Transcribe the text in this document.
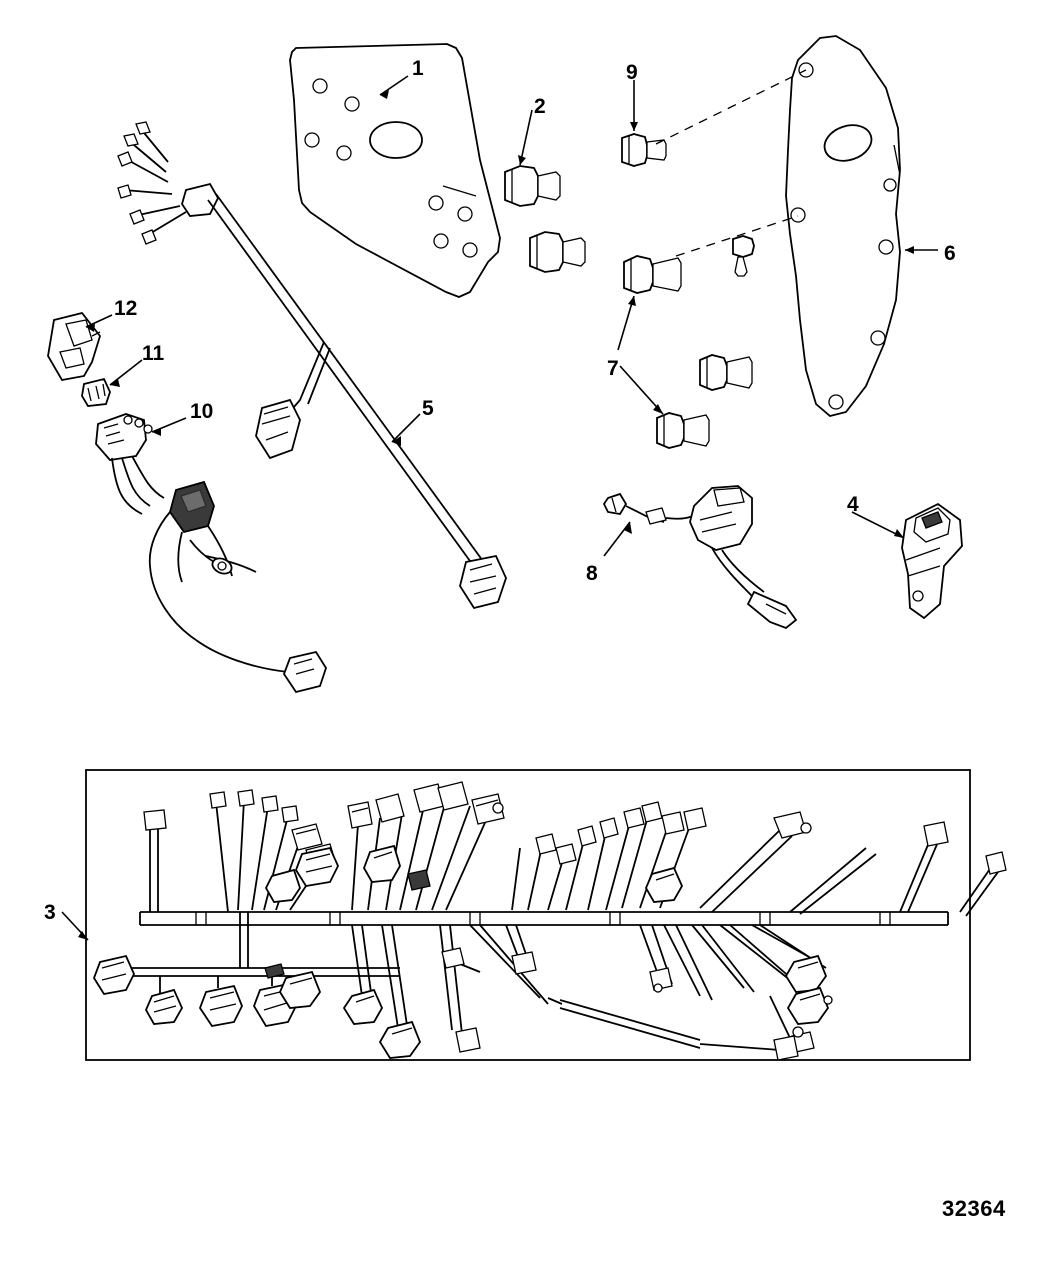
1
2
9
6
7
12
11
10	5
8
4
3
32364
